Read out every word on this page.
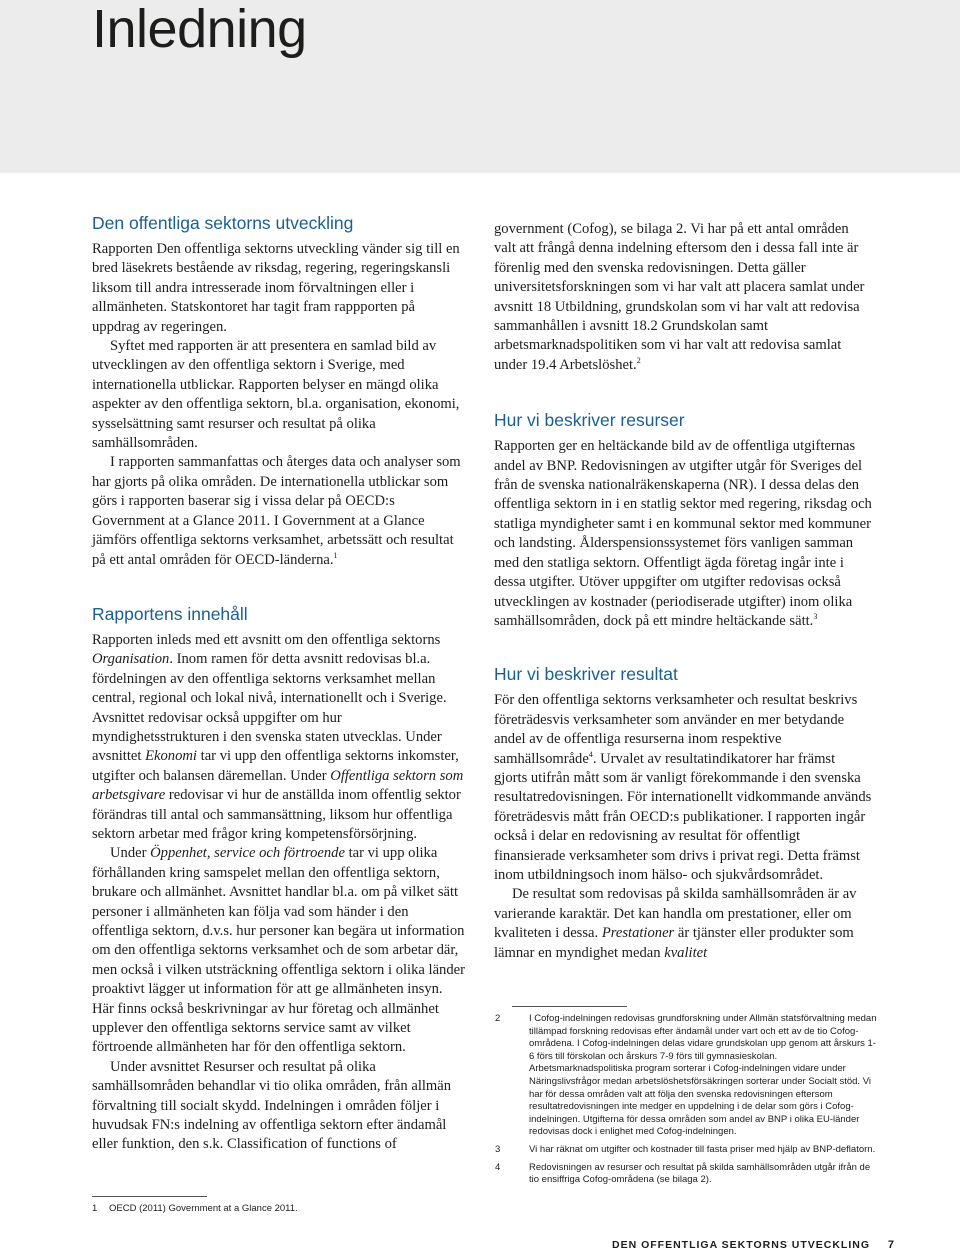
Inledning
Den offentliga sektorns utveckling

Rapporten Den offentliga sektorns utveckling vänder sig till en bred läsekrets bestående av riksdag, regering, regeringskansli liksom till andra intresserade inom förvaltningen eller i allmänheten. Statskontoret har tagit fram rappporten på uppdrag av regeringen.

Syftet med rapporten är att presentera en samlad bild av utvecklingen av den offentliga sektorn i Sverige, med internationella utblickar. Rapporten belyser en mängd olika aspekter av den offentliga sektorn, bl.a. organisation, ekonomi, sysselsättning samt resurser och resultat på olika samhällsområden.

I rapporten sammanfattas och återges data och analyser som har gjorts på olika områden. De internationella utblickar som görs i rapporten baserar sig i vissa delar på OECD:s Government at a Glance 2011. I Government at a Glance jämförs offentliga sektorns verksamhet, arbetssätt och resultat på ett antal områden för OECD-länderna.$^1$

Rapportens innehåll

Rapporten inleds med ett avsnitt om den offentliga sektorns Organisation. Inom ramen för detta avsnitt redovisas bl.a. fördelningen av den offentliga sektorns verksamhet mellan central, regional och lokal nivå, internationellt och i Sverige. Avsnittet redovisar också uppgifter om hur myndighetsstrukturen i den svenska staten utvecklas. Under avsnittet Ekonomi tar vi upp den offentliga sektorns inkomster, utgifter och balansen däremellan. Under Offentliga sektorn som arbetsgivare redovisar vi hur de anställda inom offentlig sektor förändras till antal och sammansättning, liksom hur offentliga sektorn arbetar med frågor kring kompetensförsörjning.

Under Öppenhet, service och förtroende tar vi upp olika förhållanden kring samspelet mellan den offentliga sektorn, brukare och allmänhet. Avsnittet handlar bl.a. om på vilket sätt personer i allmänheten kan följa vad som händer i den offentliga sektorn, d.v.s. hur personer kan begära ut information om den offentliga sektorns verksamhet och de som arbetar där, men också i vilken utsträckning offentliga sektorn i olika länder proaktivt lägger ut information för att ge allmänheten insyn. Här finns också beskrivningar av hur företag och allmänhet upplever den offentliga sektorns service samt av vilket förtroende allmänheten har för den offentliga sektorn.

Under avsnittet Resurser och resultat på olika samhällsområden behandlar vi tio olika områden, från allmän förvaltning till socialt skydd. Indelningen i områden följer i huvudsak FN:s indelning av offentliga sektorn efter ändamål eller funktion, den s.k. Classification of functions of

1 OECD (2011) Government at a Glance 2011.

government (Cofog), se bilaga 2. Vi har på ett antal områden valt att frångå denna indelning eftersom den i dessa fall inte är förenlig med den svenska redovisningen. Detta gäller universitetsforskningen som vi har valt att placera samlat under avsnitt 18 Utbildning, grundskolan som vi har valt att redovisa sammanhållen i avsnitt 18.2 Grundskolan samt arbetsmarknadspolitiken som vi har valt att redovisa samlat under 19.4 Arbetslöshet.$^2$

Hur vi beskriver resurser

Rapporten ger en heltäckande bild av de offentliga utgifternas andel av BNP. Redovisningen av utgifter utgår för Sveriges del från de svenska nationalräkenskaperna (NR). I dessa delas den offentliga sektorn in i en statlig sektor med regering, riksdag och statliga myndigheter samt i en kommunal sektor med kommuner och landsting. Ålderspensionssystemet förs vanligen samman med den statliga sektorn. Offentligt ägda företag ingår inte i dessa utgifter. Utöver uppgifter om utgifter redovisas också utvecklingen av kostnader (periodiserade utgifter) inom olika samhällsområden, dock på ett mindre heltäckande sätt.$^3$

Hur vi beskriver resultat

För den offentliga sektorns verksamheter och resultat beskrivs företrädesvis verksamheter som använder en mer betydande andel av de offentliga resurserna inom respektive samhällsområde$^4$. Urvalet av resultatindikatorer har främst gjorts utifrån mått som är vanligt förekommande i den svenska resultatredovisningen. För internationellt vidkommande används företrädesvis mått från OECD:s publikationer. I rapporten ingår också i delar en redovisning av resultat för offentligt finansierade verksamheter som drivs i privat regi. Detta främst inom utbildningsoch inom hälso- och sjukvårdsområdet.

De resultat som redovisas på skilda samhällsområden är av varierande karaktär. Det kan handla om prestationer, eller om kvaliteten i dessa. Prestationer är tjänster eller produkter som lämnar en myndighet medan kvalitet

2	I Cofog-indelningen redovisas grundforskning under Allmän statsförvaltning medan tillämpad forskning redovisas efter ändamål under vart och ett av de tio Cofog-områdena. I Cofog-indelningen delas vidare grundskolan upp genom att årskurs 1-6 förs till förskolan och årskurs 7-9 förs till gymnasieskolan. Arbetsmarknadspolitiska program sorterar i Cofog-indelningen vidare under Näringslivsfrågor medan arbetslöshetsförsäkringen sorterar under Socialt stöd. Vi har för dessa områden valt att följa den svenska redovisningen eftersom resultatredovisningen inte medger en uppdelning i de delar som görs i Cofog-indelningen. Utgifterna för dessa områden som andel av BNP i olika EU-länder redovisas dock i enlighet med Cofog-indelningen.

3	Vi har räknat om utgifter och kostnader till fasta priser med hjälp av BNP-deflatorn.

4	Redovisningen av resurser och resultat på skilda samhällsområden utgår ifrån de tio ensiffriga Cofog-områdena (se bilaga 2).

DEN OFFENTLIGA SEKTORNS UTVECKLING 7
